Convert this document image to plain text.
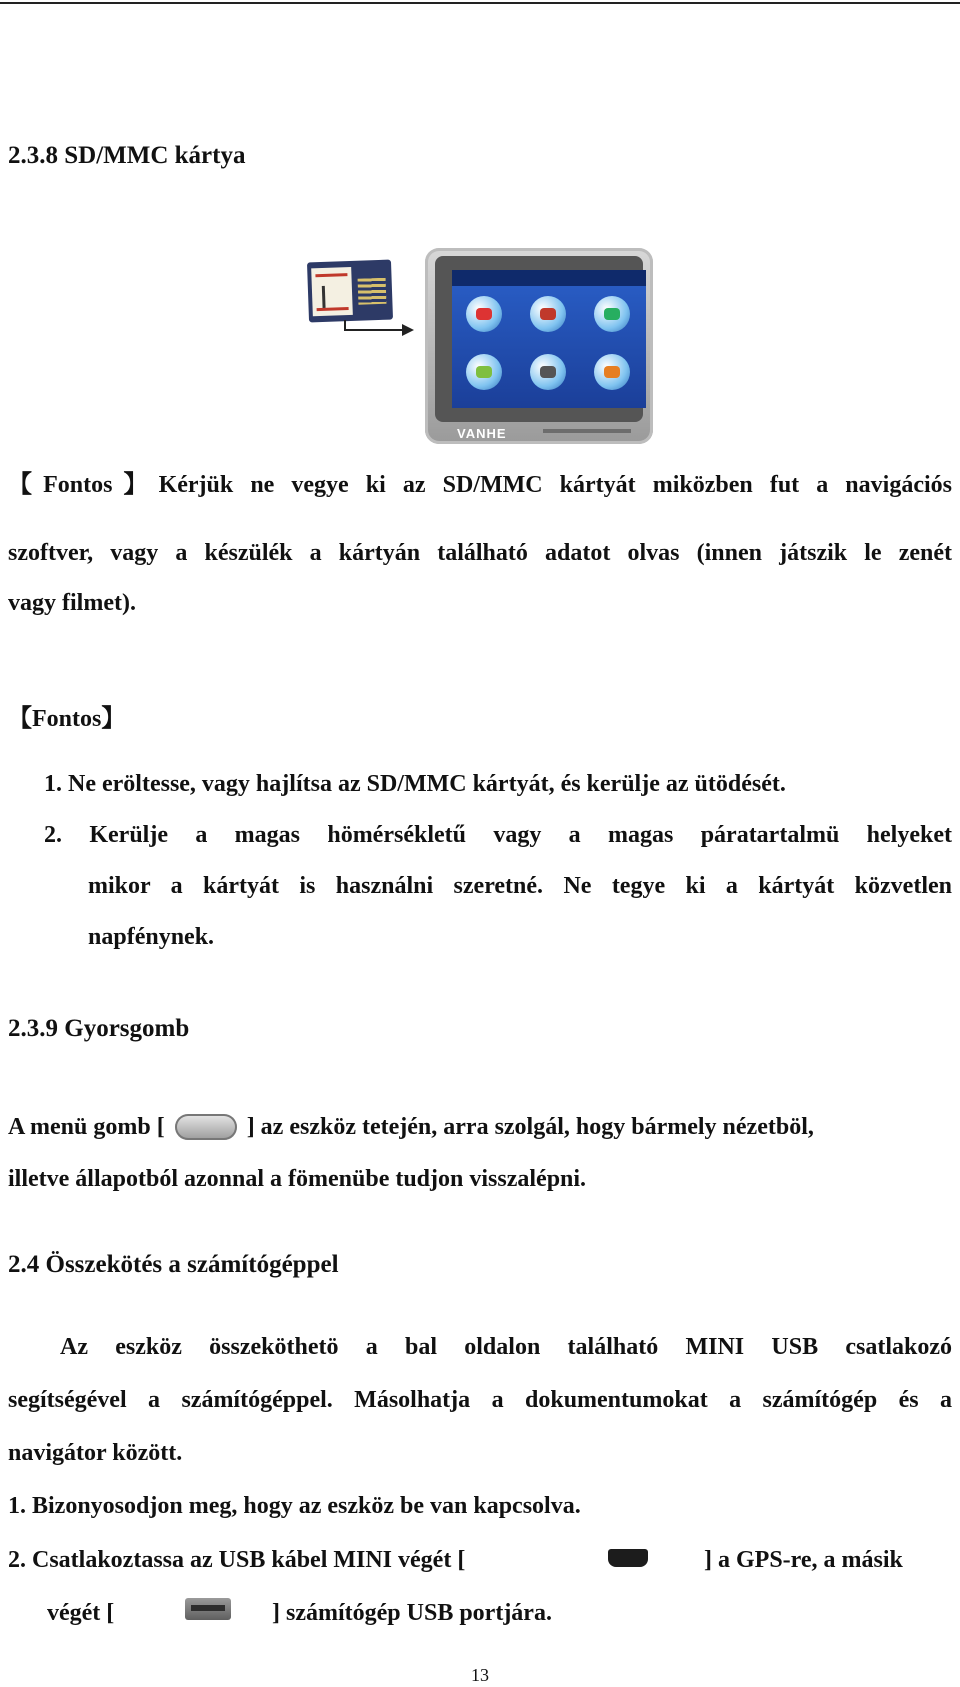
2.3.8 SD/MMC kártya
VANHE
【Fontos】Kérjük ne vegye ki az SD/MMC kártyát miközben fut a navigációs
szoftver, vagy a készülék a kártyán található adatot olvas (innen játszik le zenét
vagy filmet).
【Fontos】
1. Ne eröltesse, vagy hajlítsa az SD/MMC kártyát, és kerülje az ütödését.
2. Kerülje a magas hömérsékletű vagy a magas páratartalmü helyeket
mikor a kártyát is használni szeretné. Ne tegye ki a kártyát közvetlen
napfénynek.
2.3.9 Gyorsgomb
A menü gomb [	] az eszköz tetején, arra szolgál, hogy bármely nézetböl,
illetve állapotból azonnal a fömenübe tudjon visszalépni.
2.4 Összekötés a számítógéppel
Az eszköz összeköthetö a bal oldalon található MINI USB csatlakozó
segítségével a számítógéppel. Másolhatja a dokumentumokat a számítógép és a
navigátor között.
1. Bizonyosodjon meg, hogy az eszköz be van kapcsolva.
2. Csatlakoztassa az USB kábel MINI végét [	] a GPS-re, a másik
végét [	] számítógép USB portjára.
13
